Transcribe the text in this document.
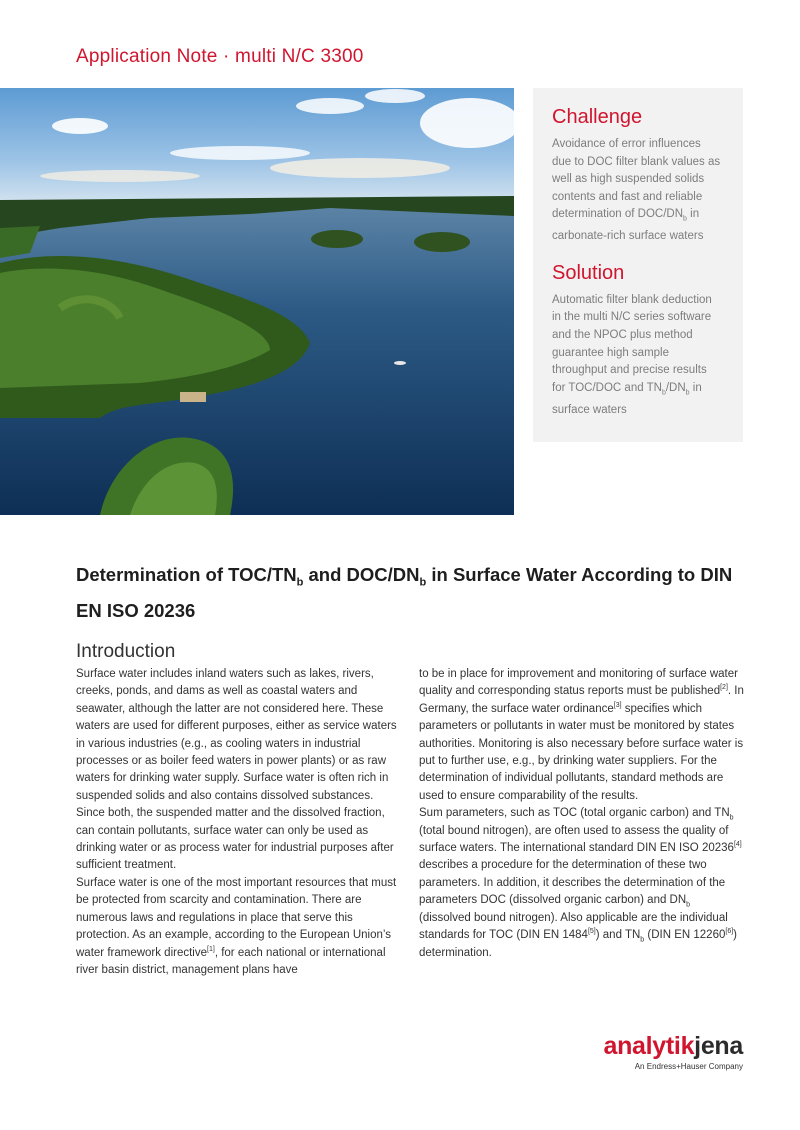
Application Note · multi N/C 3300
Challenge

Avoidance of error influences due to DOC filter blank values as well as high suspended solids contents and fast and reliable determination of DOC/$DN_b$ in carbonate-rich surface waters

Solution

Automatic filter blank deduction in the multi N/C series software and the NPOC plus method guarantee high sample throughput and precise results for TOC/DOC and $TN_b/DN_b$ in surface waters

Determination of TOC/$TN_b$ and DOC/$DN_b$ in Surface Water According to DIN EN ISO 20236
Introduction

Surface water includes inland waters such as lakes, rivers, creeks, ponds, and dams as well as coastal waters and seawater, although the latter are not considered here. These waters are used for different purposes, either as service waters in various industries (e.g., as cooling waters in industrial processes or as boiler feed waters in power plants) or as raw waters for drinking water supply. Surface water is often rich in suspended solids and also contains dissolved substances. Since both, the suspended matter and the dissolved fraction, can contain pollutants, surface water can only be used as drinking water or as process water for industrial purposes after sufficient treatment.

Surface water is one of the most important resources that must be protected from scarcity and contamination. There are numerous laws and regulations in place that serve this protection. As an example, according to the European Union’s water framework directive[1], for each national or international river basin district, management plans have

to be in place for improvement and monitoring of surface water quality and corresponding status reports must be published[2]. In Germany, the surface water ordinance[3] specifies which parameters or pollutants in water must be monitored by states authorities. Monitoring is also necessary before surface water is put to further use, e.g., by drinking water suppliers. For the determination of individual pollutants, standard methods are used to ensure comparability of the results.

Sum parameters, such as TOC (total organic carbon) and $TN_b$ (total bound nitrogen), are often used to assess the quality of surface waters. The international standard DIN EN ISO 20236[4] describes a procedure for the determination of these two parameters. In addition, it describes the determination of the parameters DOC (dissolved organic carbon) and $DN_b$ (dissolved bound nitrogen). Also applicable are the individual standards for TOC (DIN EN 1484[5]) and $TN_b$ (DIN EN 12260[6]) determination.

analytikjena
An Endress+Hauser Company
